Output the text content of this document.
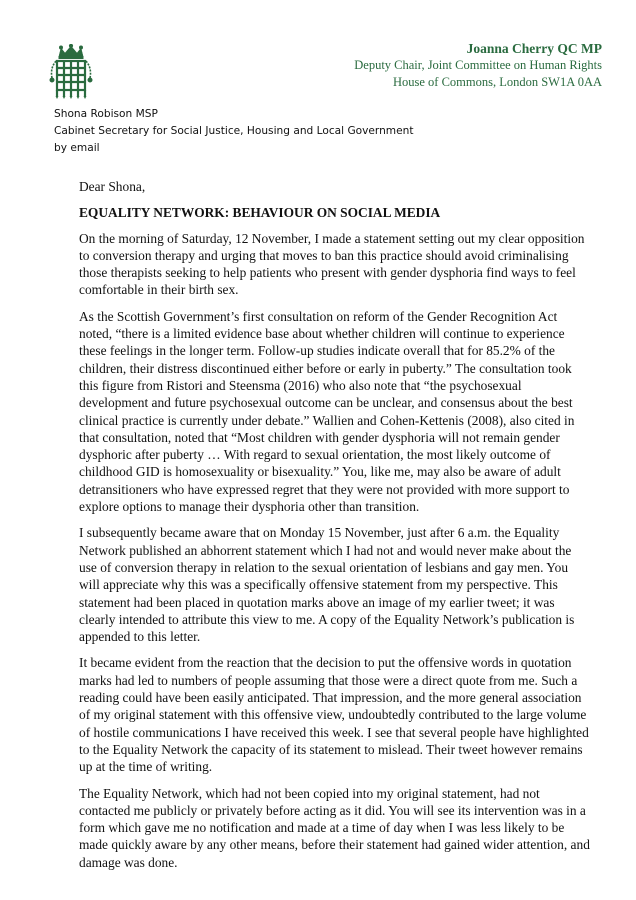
Joanna Cherry QC MP
Deputy Chair, Joint Committee on Human Rights
House of Commons, London SW1A 0AA
Shona Robison MSP
Cabinet Secretary for Social Justice, Housing and Local Government
by email

Dear Shona,

EQUALITY NETWORK: BEHAVIOUR ON SOCIAL MEDIA

On the morning of Saturday, 12 November, I made a statement setting out my clear opposition to conversion therapy and urging that moves to ban this practice should avoid criminalising those therapists seeking to help patients who present with gender dysphoria find ways to feel comfortable in their birth sex.

As the Scottish Government’s first consultation on reform of the Gender Recognition Act noted, “there is a limited evidence base about whether children will continue to experience these feelings in the longer term. Follow-up studies indicate overall that for 85.2% of the children, their distress discontinued either before or early in puberty.” The consultation took this figure from Ristori and Steensma (2016) who also note that “the psychosexual development and future psychosexual outcome can be unclear, and consensus about the best clinical practice is currently under debate.” Wallien and Cohen-Kettenis (2008), also cited in that consultation, noted that “Most children with gender dysphoria will not remain gender dysphoric after puberty … With regard to sexual orientation, the most likely outcome of childhood GID is homosexuality or bisexuality.” You, like me, may also be aware of adult detransitioners who have expressed regret that they were not provided with more support to explore options to manage their dysphoria other than transition.

I subsequently became aware that on Monday 15 November, just after 6 a.m. the Equality Network published an abhorrent statement which I had not and would never make about the use of conversion therapy in relation to the sexual orientation of lesbians and gay men. You will appreciate why this was a specifically offensive statement from my perspective. This statement had been placed in quotation marks above an image of my earlier tweet; it was clearly intended to attribute this view to me. A copy of the Equality Network’s publication is appended to this letter.

It became evident from the reaction that the decision to put the offensive words in quotation marks had led to numbers of people assuming that those were a direct quote from me. Such a reading could have been easily anticipated. That impression, and the more general association of my original statement with this offensive view, undoubtedly contributed to the large volume of hostile communications I have received this week. I see that several people have highlighted to the Equality Network the capacity of its statement to mislead. Their tweet however remains up at the time of writing.

The Equality Network, which had not been copied into my original statement, had not contacted me publicly or privately before acting as it did. You will see its intervention was in a form which gave me no notification and made at a time of day when I was less likely to be made quickly aware by any other means, before their statement had gained wider attention, and damage was done.
